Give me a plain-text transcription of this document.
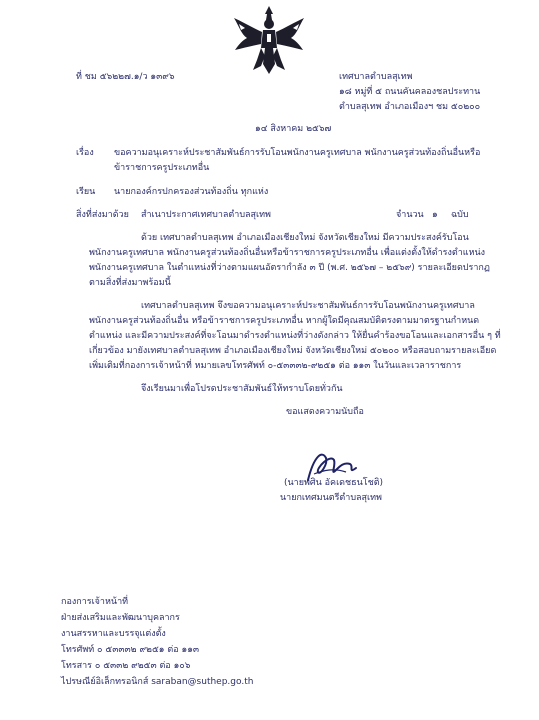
ที่ ชม ๕๖๒๒๗.๑/ว ๑๓๙๖	เทศบาลตำบลสุเทพ
๑๘ หมู่ที่ ๕ ถนนคันคลองชลประทาน
ตำบลสุเทพ อำเภอเมืองฯ ชม ๕๐๒๐๐
๑๔ สิงหาคม ๒๕๖๗
เรื่อง ขอความอนุเคราะห์ประชาสัมพันธ์การรับโอนพนักงานครูเทศบาล พนักงานครูส่วนท้องถิ่นอื่นหรือ
ข้าราชการครูประเภทอื่น
เรียน นายกองค์กรปกครองส่วนท้องถิ่น ทุกแห่ง
สิ่งที่ส่งมาด้วย สำเนาประกาศเทศบาลตำบลสุเทพ	จำนวน ๑ ฉบับ
ด้วย เทศบาลตำบลสุเทพ อำเภอเมืองเชียงใหม่ จังหวัดเชียงใหม่ มีความประสงค์รับโอน
พนักงานครูเทศบาล พนักงานครูส่วนท้องถิ่นอื่นหรือข้าราชการครูประเภทอื่น เพื่อแต่งตั้งให้ดำรงตำแหน่ง
พนักงานครูเทศบาล ในตำแหน่งที่ว่างตามแผนอัตรากำลัง ๓ ปี (พ.ศ. ๒๕๖๗ – ๒๕๖๙) รายละเอียดปรากฏ
ตามสิ่งที่ส่งมาพร้อมนี้
เทศบาลตำบลสุเทพ จึงขอความอนุเคราะห์ประชาสัมพันธ์การรับโอนพนักงานครูเทศบาล
พนักงานครูส่วนท้องถิ่นอื่น หรือข้าราชการครูประเภทอื่น หากผู้ใดมีคุณสมบัติตรงตามมาตรฐานกำหนด
ตำแหน่ง และมีความประสงค์ที่จะโอนมาดำรงตำแหน่งที่ว่างดังกล่าว ให้ยื่นคำร้องขอโอนและเอกสารอื่น ๆ ที่
เกี่ยวข้อง มายังเทศบาลตำบลสุเทพ อำเภอเมืองเชียงใหม่ จังหวัดเชียงใหม่ ๕๐๒๐๐ หรือสอบถามรายละเอียด
เพิ่มเติมที่กองการเจ้าหน้าที่ หมายเลขโทรศัพท์ ๐-๕๓๓๓๒-๙๒๕๑ ต่อ ๑๑๓ ในวันและเวลาราชการ
จึงเรียนมาเพื่อโปรดประชาสัมพันธ์ให้ทราบโดยทั่วกัน
ขอแสดงความนับถือ
(นายพศิน อัคเดชธนโชติ)
นายกเทศมนตรีตำบลสุเทพ
กองการเจ้าหน้าที่
ฝ่ายส่งเสริมและพัฒนาบุคลากร
งานสรรหาและบรรจุแต่งตั้ง
โทรศัพท์ ๐ ๕๓๓๓๒ ๙๒๕๑ ต่อ ๑๑๓
โทรสาร ๐ ๕๓๓๒ ๙๒๕๓ ต่อ ๑๐๖
ไปรษณีย์อิเล็กทรอนิกส์ saraban@suthep.go.th
